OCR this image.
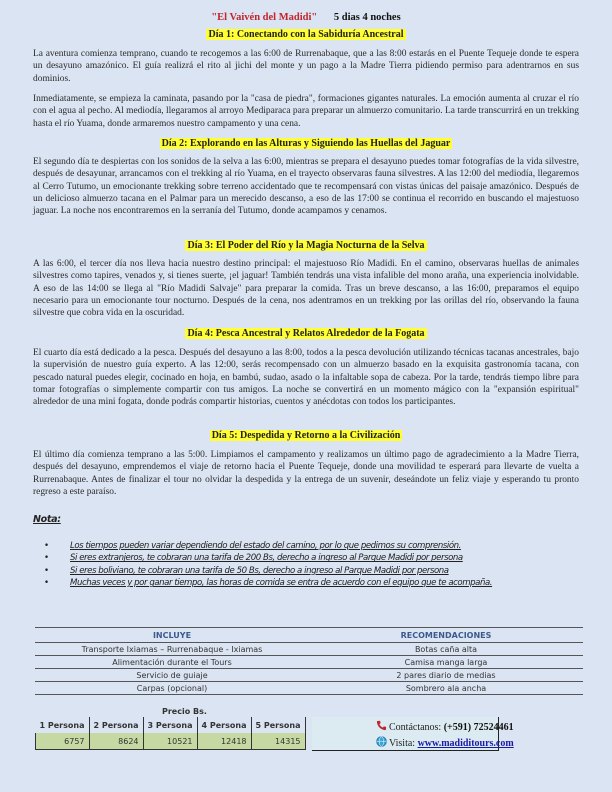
"El Vaivén del Madidi" 5 dias 4 noches
Día 1: Conectando con la Sabiduría Ancestral
La aventura comienza temprano, cuando te recogemos a las 6:00 de Rurrenabaque, que a las 8:00 estarás en el Puente Tequeje donde te espera un desayuno amazónico. El guía realizrá el rito al jichi del monte y un pago a la Madre Tierra pidiendo permiso para adentrarnos en sus dominios.
Inmediatamente, se empieza la caminata, pasando por la "casa de piedra", formaciones gigantes naturales. La emoción aumenta al cruzar el río con el agua al pecho. Al mediodía, llegaramos al arroyo Mediparaca para preparar un almuerzo comunitario. La tarde transcurrirá en un trekking hasta el río Yuama, donde armaremos nuestro campamento y una cena.
Día 2: Explorando en las Alturas y Siguiendo las Huellas del Jaguar
El segundo día te despiertas con los sonidos de la selva a las 6:00, mientras se prepara el desayuno puedes tomar fotografías de la vida silvestre, después de desayunar, arrancamos con el trekking al río Yuama, en el trayecto observaras fauna silvestres. A las 12:00 del mediodía, llegaremos al Cerro Tutumo, un emocionante trekking sobre terreno accidentado que te recompensará con vistas únicas del paisaje amazónico. Después de un delicioso almuerzo tacana en el Palmar para un merecido descanso, a eso de las 17:00 se continua el recorrido en buscando el majestuoso jaguar. La noche nos encontraremos en la serranía del Tutumo, donde acampamos y cenamos.
Día 3: El Poder del Río y la Magia Nocturna de la Selva
A las 6:00, el tercer día nos lleva hacia nuestro destino principal: el majestuoso Río Madidi. En el camino, observaras huellas de animales silvestres como tapires, venados y, si tienes suerte, ¡el jaguar! También tendrás una vista infalible del mono araña, una experiencia inolvidable. A eso de las 14:00 se llega al "Río Madidi Salvaje" para preparar la comida. Tras un breve descanso, a las 16:00, preparamos el equipo necesario para un emocionante tour nocturno. Después de la cena, nos adentramos en un trekking por las orillas del río, observando la fauna silvestre que cobra vida en la oscuridad.
Día 4: Pesca Ancestral y Relatos Alrededor de la Fogata
El cuarto día está dedicado a la pesca. Después del desayuno a las 8:00, todos a la pesca devolución utilizando técnicas tacanas ancestrales, bajo la supervisión de nuestro guía experto. A las 12:00, serás recompensado con un almuerzo basado en la exquisita gastronomía tacana, con pescado natural puedes elegir, cocinado en hoja, en bambú, sudao, asado o la infaltable sopa de cabeza. Por la tarde, tendrás tiempo libre para tomar fotografías o simplemente compartir con tus amigos. La noche se convertirá en un momento mágico con la "expansión espiritual" alrededor de una mini fogata, donde podrás compartir historias, cuentos y anécdotas con todos los participantes.
Día 5: Despedida y Retorno a la Civilización
El último día comienza temprano a las 5:00. Limpiamos el campamento y realizamos un último pago de agradecimiento a la Madre Tierra, después del desayuno, emprendemos el viaje de retorno hacia el Puente Tequeje, donde una movilidad te esperará para llevarte de vuelta a Rurrenabaque. Antes de finalizar el tour no olvidar la despedida y la entrega de un suvenir, deseándote un feliz viaje y esperando tu pronto regreso a este paraíso.
Nota:
• Los tiempos pueden variar dependiendo del estado del camino, por lo que pedimos su comprensión.
• Si eres extranjeros, te cobraran una tarifa de 200 Bs, derecho a ingreso al Parque Madidi por persona
• Si eres boliviano, te cobraran una tarifa de 50 Bs, derecho a ingreso al Parque Madidi por persona
• Muchas veces y por ganar tiempo, las horas de comida se entra de acuerdo con el equipo que te acompaña.
INCLUYE	RECOMENDACIONES
Transporte Ixiamas – Rurrenabaque - Ixiamas	Botas caña alta
Alimentación durante el Tours	Camisa manga larga
Servicio de guiaje	2 pares diario de medias
Carpas (opcional)	Sombrero ala ancha
Precio Bs.
1 Persona	2 Persona	3 Persona	4 Persona	5 Persona
6757	8624	10521	12418	14315
Contáctanos: (+591) 72524461
Visita: www.madiditours.com
